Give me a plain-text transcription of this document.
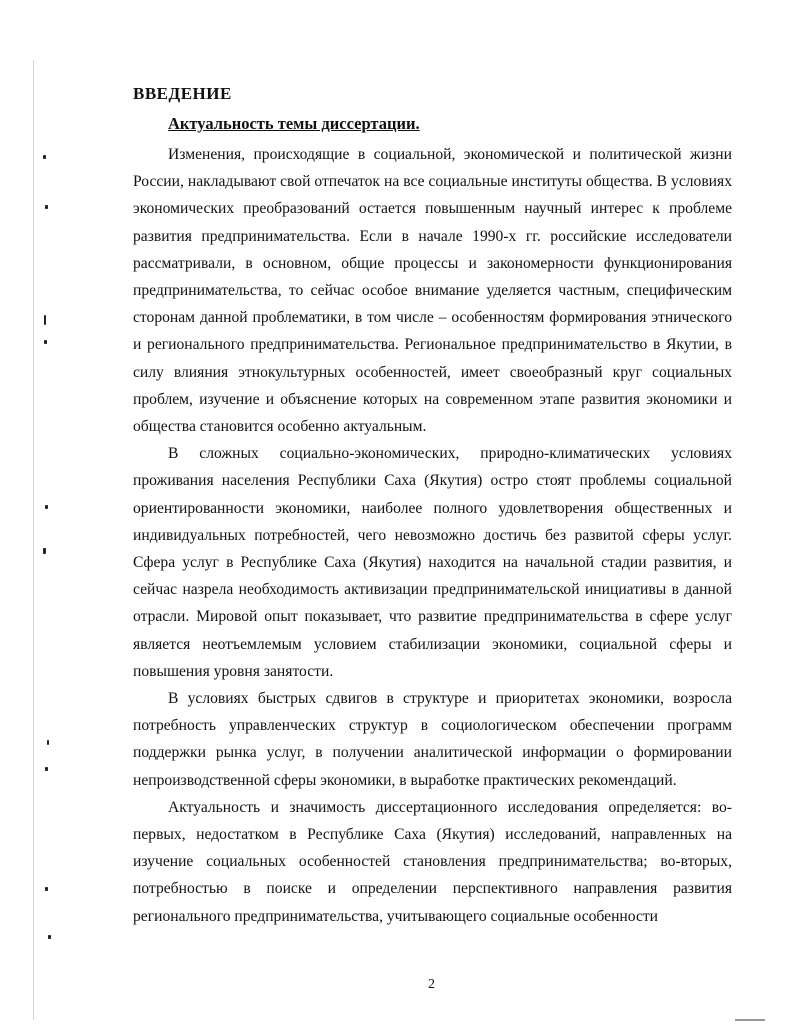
ВВЕДЕНИЕ
Актуальность темы диссертации.

Изменения, происходящие в социальной, экономической и политической жизни России, накладывают свой отпечаток на все социальные институты общества. В условиях экономических преобразований остается повышенным научный интерес к проблеме развития предпринимательства. Если в начале 1990-х гг. российские исследователи рассматривали, в основном, общие процессы и закономерности функционирования предпринимательства, то сейчас особое внимание уделяется частным, специфическим сторонам данной проблематики, в том числе – особенностям формирования этнического и регионального предпринимательства. Региональное предпринимательство в Якутии, в силу влияния этнокультурных особенностей, имеет своеобразный круг социальных проблем, изучение и объяснение которых на современном этапе развития экономики и общества становится особенно актуальным.

В сложных социально-экономических, природно-климатических условиях проживания населения Республики Саха (Якутия) остро стоят проблемы социальной ориентированности экономики, наиболее полного удовлетворения общественных и индивидуальных потребностей, чего невозможно достичь без развитой сферы услуг. Сфера услуг в Республике Саха (Якутия) находится на начальной стадии развития, и сейчас назрела необходимость активизации предпринимательской инициативы в данной отрасли. Мировой опыт показывает, что развитие предпринимательства в сфере услуг является неотъемлемым условием стабилизации экономики, социальной сферы и повышения уровня занятости.

В условиях быстрых сдвигов в структуре и приоритетах экономики, возросла потребность управленческих структур в социологическом обеспечении программ поддержки рынка услуг, в получении аналитической информации о формировании непроизводственной сферы экономики, в выработке практических рекомендаций.

Актуальность и значимость диссертационного исследования определяется: во-первых, недостатком в Республике Саха (Якутия) исследований, направленных на изучение социальных особенностей становления предпринимательства; во-вторых, потребностью в поиске и определении перспективного направления развития регионального предпринимательства, учитывающего социальные особенности

2
